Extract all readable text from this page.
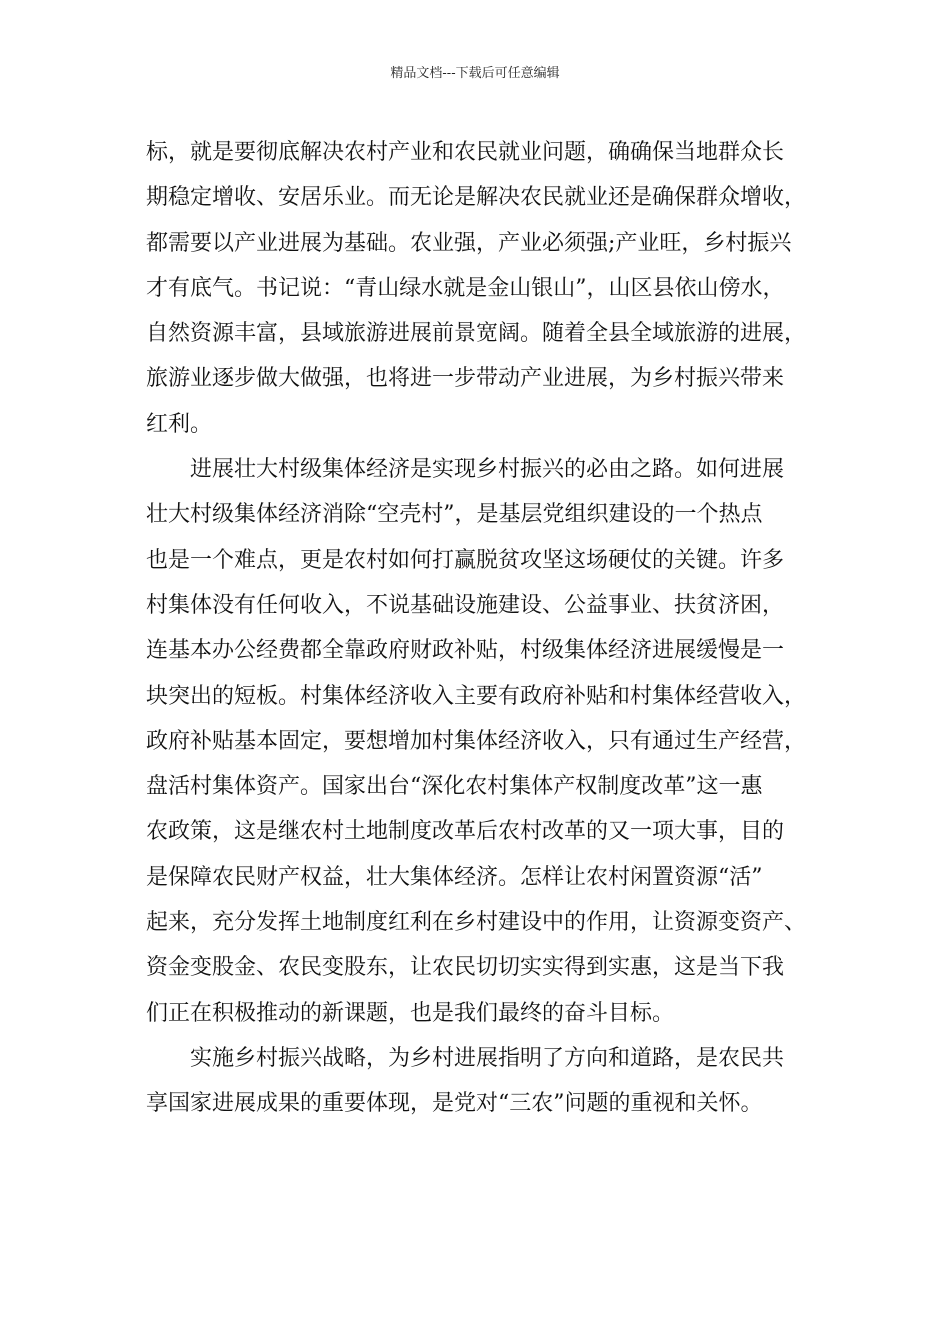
精品文档---下载后可任意编辑
标，就是要彻底解决农村产业和农民就业问题，确确保当地群众长
期稳定增收、安居乐业。而无论是解决农民就业还是确保群众增收，
都需要以产业进展为基础。农业强，产业必须强;产业旺，乡村振兴
才有底气。书记说：“青山绿水就是金山银山”，山区县依山傍水，
自然资源丰富，县域旅游进展前景宽阔。随着全县全域旅游的进展，
旅游业逐步做大做强，也将进一步带动产业进展，为乡村振兴带来
红利。
进展壮大村级集体经济是实现乡村振兴的必由之路。如何进展
壮大村级集体经济消除“空壳村”，是基层党组织建设的一个热点
也是一个难点，更是农村如何打赢脱贫攻坚这场硬仗的关键。许多
村集体没有任何收入，不说基础设施建设、公益事业、扶贫济困，
连基本办公经费都全靠政府财政补贴，村级集体经济进展缓慢是一
块突出的短板。村集体经济收入主要有政府补贴和村集体经营收入，
政府补贴基本固定，要想增加村集体经济收入，只有通过生产经营，
盘活村集体资产。国家出台“深化农村集体产权制度改革”这一惠
农政策，这是继农村土地制度改革后农村改革的又一项大事，目的
是保障农民财产权益，壮大集体经济。怎样让农村闲置资源“活”
起来，充分发挥土地制度红利在乡村建设中的作用，让资源变资产、
资金变股金、农民变股东，让农民切切实实得到实惠，这是当下我
们正在积极推动的新课题，也是我们最终的奋斗目标。
实施乡村振兴战略，为乡村进展指明了方向和道路，是农民共
享国家进展成果的重要体现，是党对“三农”问题的重视和关怀。
